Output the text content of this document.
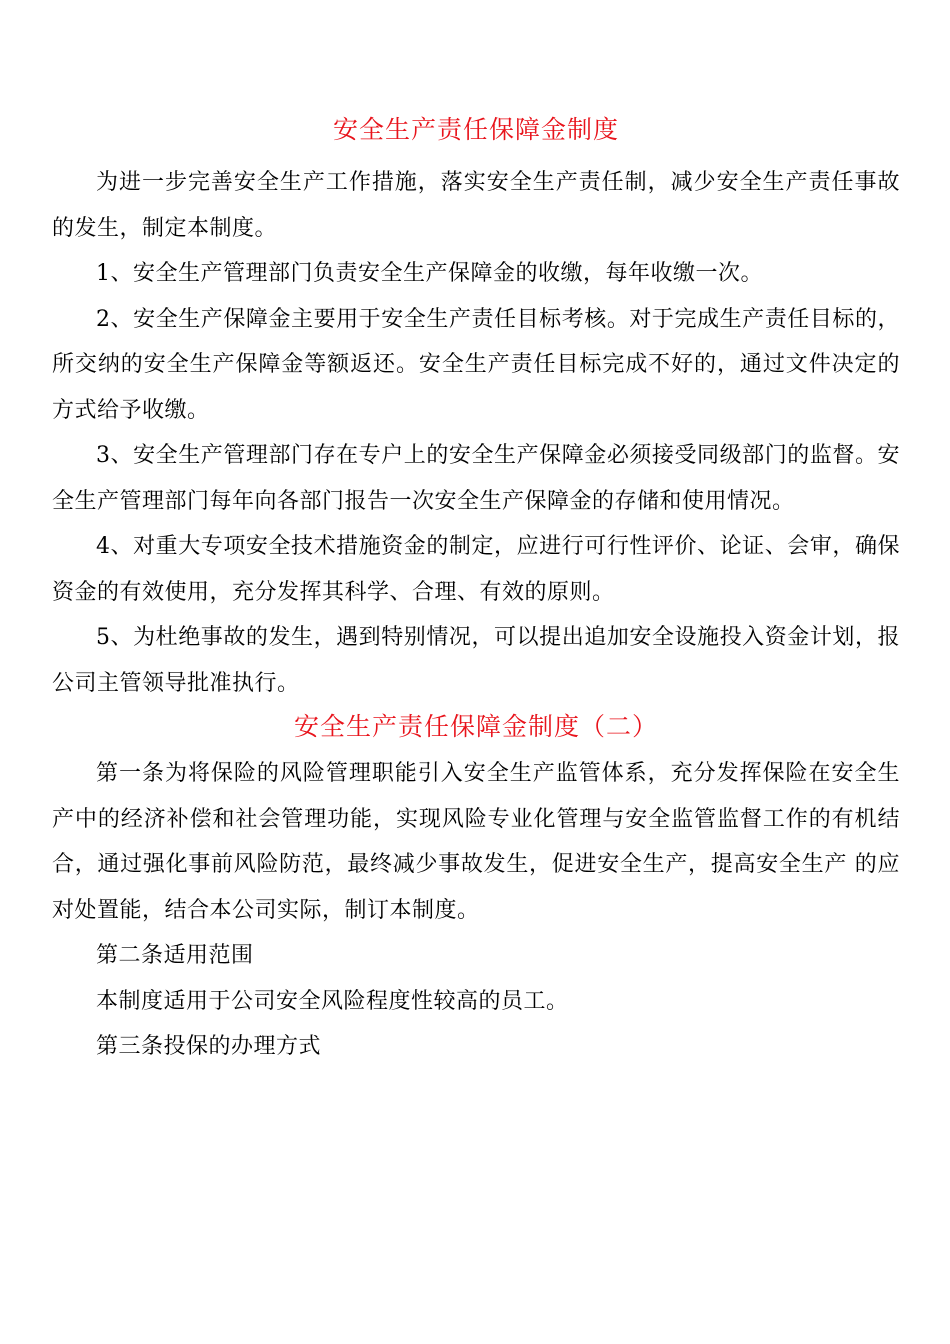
安全生产责任保障金制度

为进一步完善安全生产工作措施，落实安全生产责任制，减少安全生产责任事故的发生，制定本制度。

1、安全生产管理部门负责安全生产保障金的收缴，每年收缴一次。

2、安全生产保障金主要用于安全生产责任目标考核。对于完成生产责任目标的，所交纳的安全生产保障金等额返还。安全生产责任目标完成不好的，通过文件决定的方式给予收缴。

3、安全生产管理部门存在专户上的安全生产保障金必须接受同级部门的监督。安全生产管理部门每年向各部门报告一次安全生产保障金的存储和使用情况。

4、对重大专项安全技术措施资金的制定，应进行可行性评价、论证、会审，确保资金的有效使用，充分发挥其科学、合理、有效的原则。

5、为杜绝事故的发生，遇到特别情况，可以提出追加安全设施投入资金计划，报公司主管领导批准执行。

安全生产责任保障金制度（二）

第一条为将保险的风险管理职能引入安全生产监管体系，充分发挥保险在安全生产中的经济补偿和社会管理功能，实现风险专业化管理与安全监管监督工作的有机结合，通过强化事前风险防范，最终减少事故发生，促进安全生产，提高安全生产 的应对处置能，结合本公司实际，制订本制度。

第二条适用范围

本制度适用于公司安全风险程度性较高的员工。

第三条投保的办理方式
